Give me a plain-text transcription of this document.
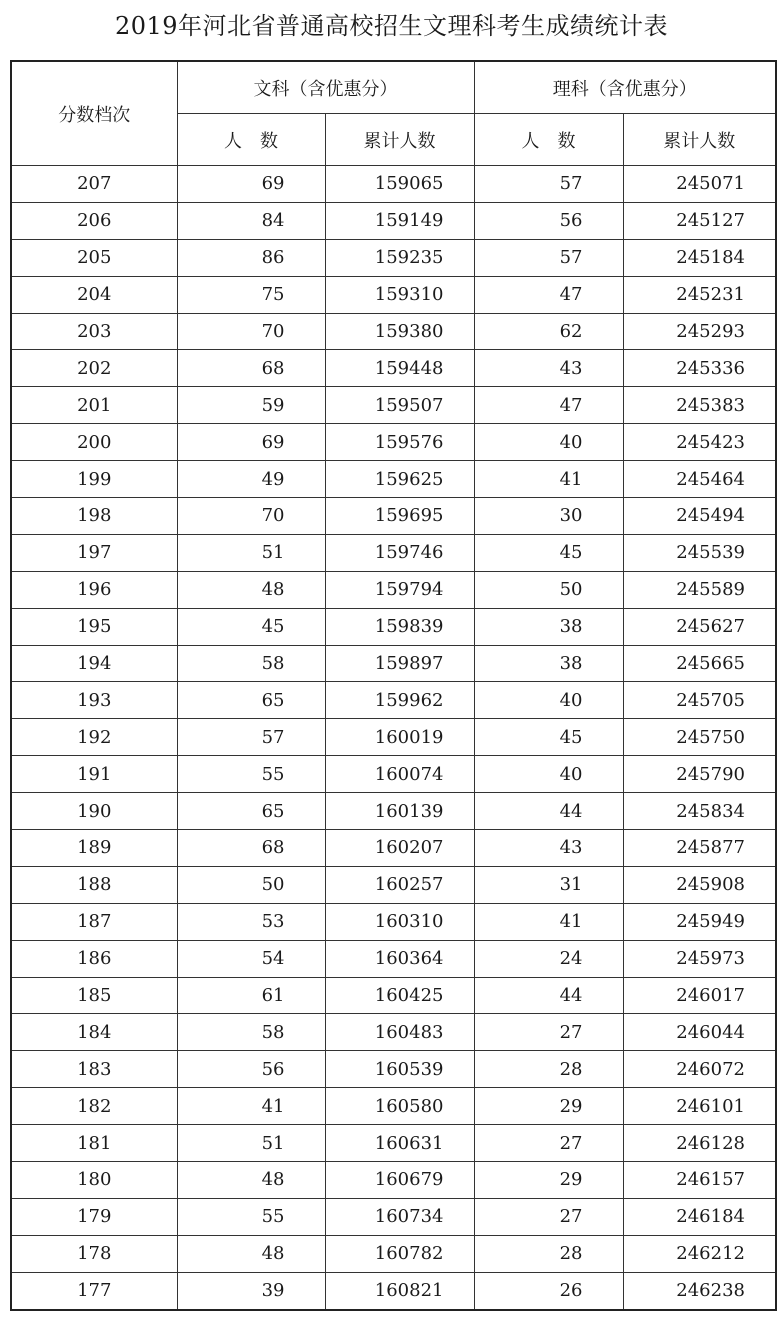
2019年河北省普通高校招生文理科考生成绩统计表
分数档次	文科（含优惠分）		理科（含优惠分）	
	人　数	累计人数	人　数	累计人数
207	69	159065	57	245071
206	84	159149	56	245127
205	86	159235	57	245184
204	75	159310	47	245231
203	70	159380	62	245293
202	68	159448	43	245336
201	59	159507	47	245383
200	69	159576	40	245423
199	49	159625	41	245464
198	70	159695	30	245494
197	51	159746	45	245539
196	48	159794	50	245589
195	45	159839	38	245627
194	58	159897	38	245665
193	65	159962	40	245705
192	57	160019	45	245750
191	55	160074	40	245790
190	65	160139	44	245834
189	68	160207	43	245877
188	50	160257	31	245908
187	53	160310	41	245949
186	54	160364	24	245973
185	61	160425	44	246017
184	58	160483	27	246044
183	56	160539	28	246072
182	41	160580	29	246101
181	51	160631	27	246128
180	48	160679	29	246157
179	55	160734	27	246184
178	48	160782	28	246212
177	39	160821	26	246238
